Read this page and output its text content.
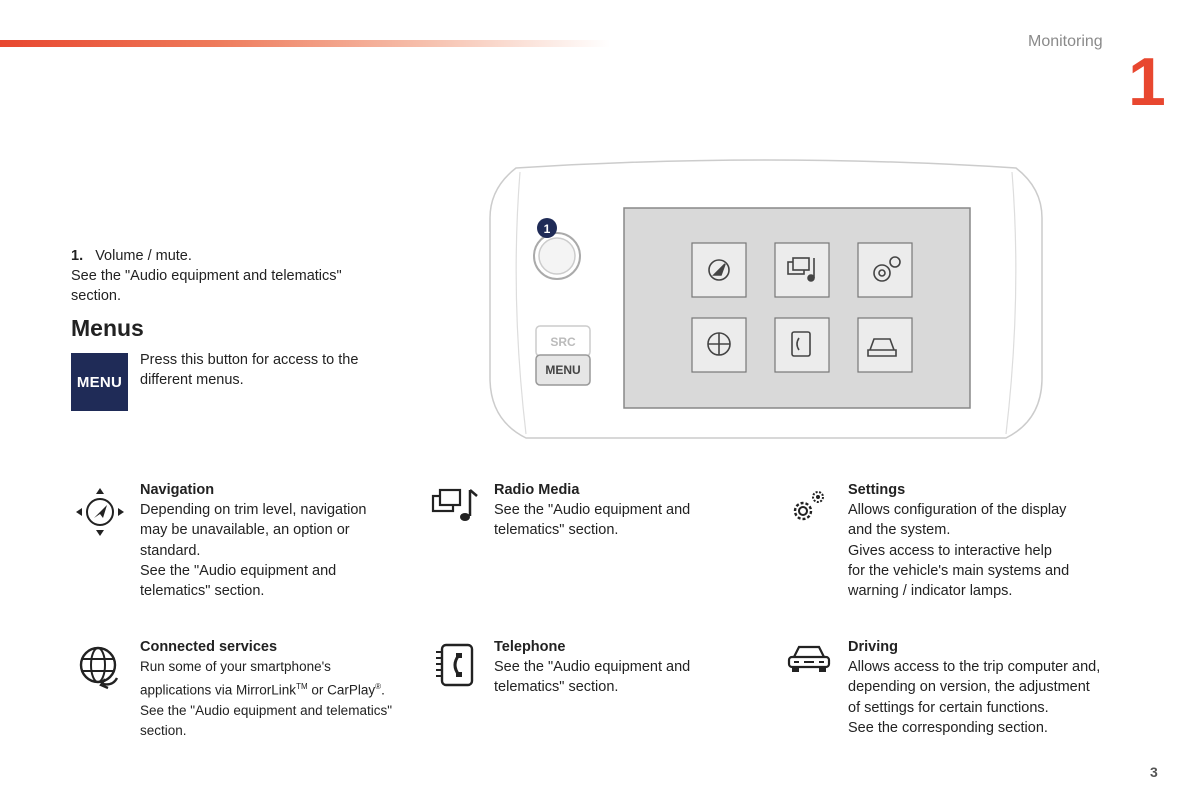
Monitoring
1
1. Volume / mute.
See the "Audio equipment and telematics"
section.
Menus
MENU
Press this button for access to the
different menus.
1
SRC
MENU
Navigation
Depending on trim level, navigation
may be unavailable, an option or
standard.
See the "Audio equipment and
telematics" section.
Radio Media
See the "Audio equipment and
telematics" section.
Settings
Allows configuration of the display
and the system.
Gives access to interactive help
for the vehicle's main systems and
warning / indicator lamps.
Connected services
Run some of your smartphone's
applications via MirrorLink™ or CarPlay®.
See the "Audio equipment and telematics"
section.
Telephone
See the "Audio equipment and
telematics" section.
Driving
Allows access to the trip computer and,
depending on version, the adjustment
of settings for certain functions.
See the corresponding section.
3
